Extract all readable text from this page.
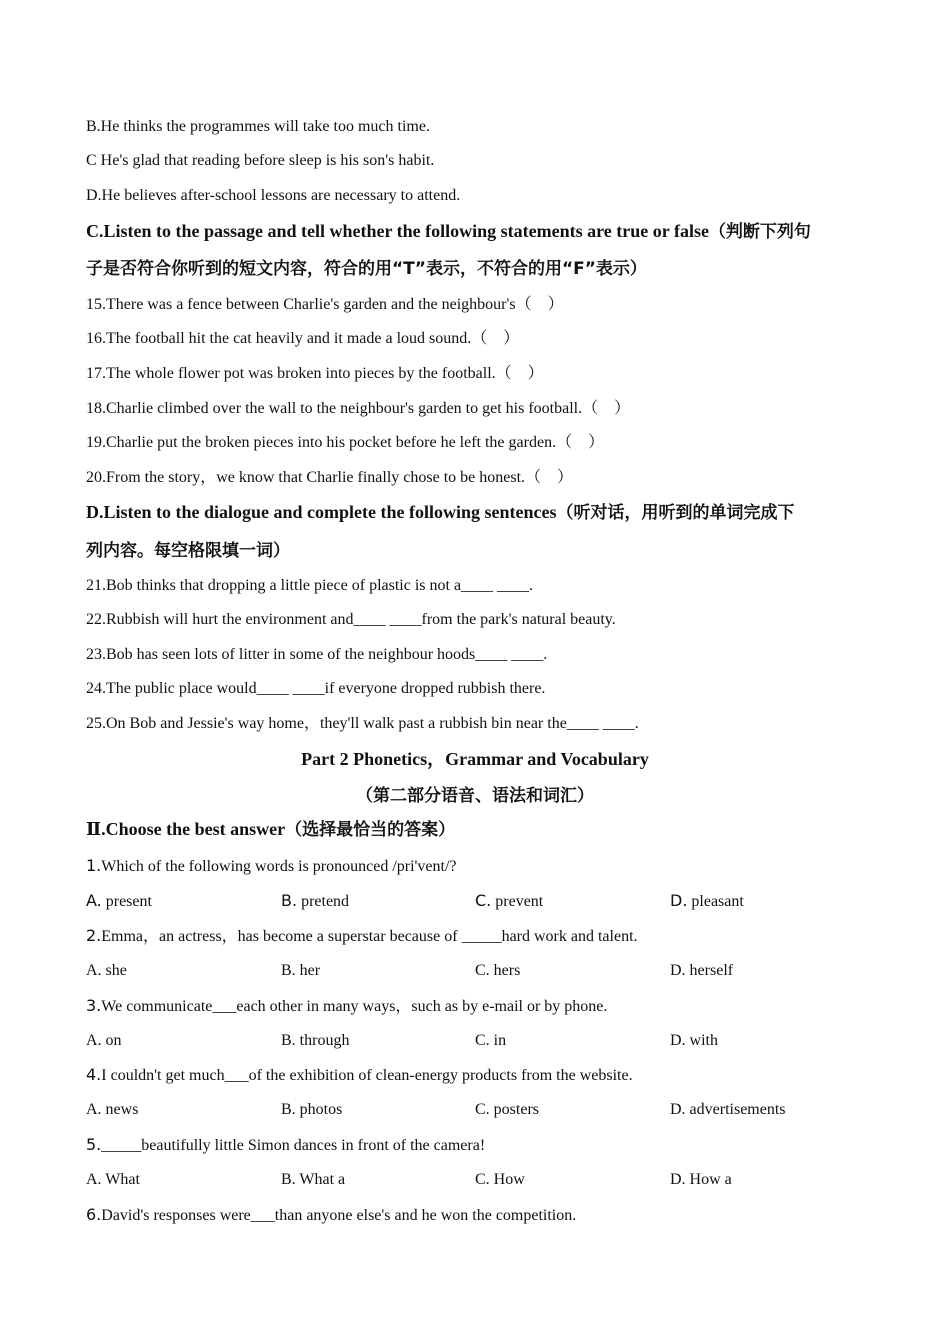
B.He thinks the programmes will take too much time.
C He's glad that reading before sleep is his son's habit.
D.He believes after-school lessons are necessary to attend.
C.Listen to the passage and tell whether the following statements are true or false（判断下列句
子是否符合你听到的短文内容，符合的用“T”表示，不符合的用“F”表示）
15.There was a fence between Charlie's garden and the neighbour's（　）
16.The football hit the cat heavily and it made a loud sound.（　）
17.The whole flower pot was broken into pieces by the football.（　）
18.Charlie climbed over the wall to the neighbour's garden to get his football.（　）
19.Charlie put the broken pieces into his pocket before he left the garden.（　）
20.From the story，we know that Charlie finally chose to be honest.（　）
D.Listen to the dialogue and complete the following sentences（听对话，用听到的单词完成下
列内容。每空格限填一词）
21.Bob thinks that dropping a little piece of plastic is not a____ ____.
22.Rubbish will hurt the environment and____ ____from the park's natural beauty.
23.Bob has seen lots of litter in some of the neighbour hoods____ ____.
24.The public place would____ ____if everyone dropped rubbish there.
25.On Bob and Jessie's way home，they'll walk past a rubbish bin near the____ ____.
Part 2 Phonetics，Grammar and Vocabulary
（第二部分语音、语法和词汇）
Ⅱ.Choose the best answer（选择最恰当的答案）
1.Which of the following words is pronounced /pri'vent/?
A. present	B. pretend	C. prevent	D. pleasant
2.Emma，an actress，has become a superstar because of _____hard work and talent.
A. she	B. her	C. hers	D. herself
3.We communicate___each other in many ways，such as by e-mail or by phone.
A. on	B. through	C. in	D. with
4.I couldn't get much___of the exhibition of clean-energy products from the website.
A. news	B. photos	C. posters	D. advertisements
5._____beautifully little Simon dances in front of the camera!
A. What	B. What a	C. How	D. How a
6.David's responses were___than anyone else's and he won the competition.
